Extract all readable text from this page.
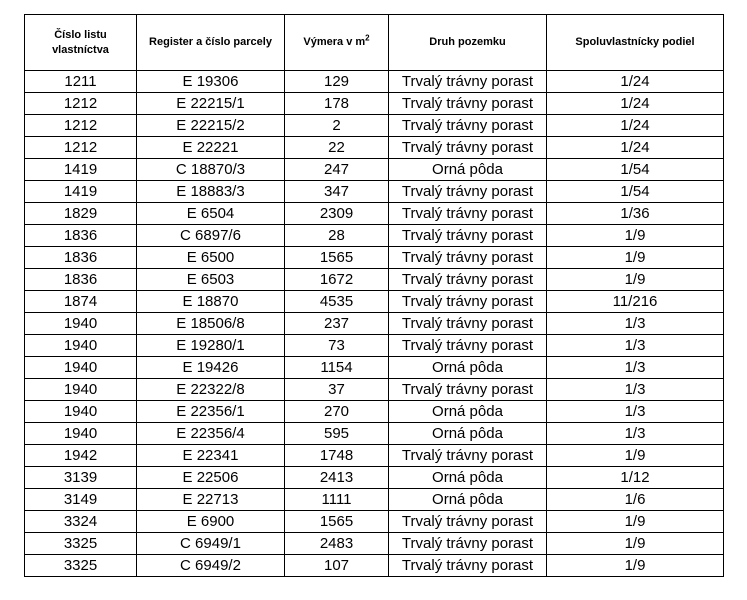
Číslo listu vlastníctva	Register a číslo parcely	Výmera v $m^2$	Druh pozemku	Spoluvlastnícky podiel
1211	E 19306	129	Trvalý trávny porast	1/24
1212	E 22215/1	178	Trvalý trávny porast	1/24
1212	E 22215/2	2	Trvalý trávny porast	1/24
1212	E 22221	22	Trvalý trávny porast	1/24
1419	C 18870/3	247	Orná pôda	1/54
1419	E 18883/3	347	Trvalý trávny porast	1/54
1829	E 6504	2309	Trvalý trávny porast	1/36
1836	C 6897/6	28	Trvalý trávny porast	1/9
1836	E 6500	1565	Trvalý trávny porast	1/9
1836	E 6503	1672	Trvalý trávny porast	1/9
1874	E 18870	4535	Trvalý trávny porast	11/216
1940	E 18506/8	237	Trvalý trávny porast	1/3
1940	E 19280/1	73	Trvalý trávny porast	1/3
1940	E 19426	1154	Orná pôda	1/3
1940	E 22322/8	37	Trvalý trávny porast	1/3
1940	E 22356/1	270	Orná pôda	1/3
1940	E 22356/4	595	Orná pôda	1/3
1942	E 22341	1748	Trvalý trávny porast	1/9
3139	E 22506	2413	Orná pôda	1/12
3149	E 22713	1111	Orná pôda	1/6
3324	E 6900	1565	Trvalý trávny porast	1/9
3325	C 6949/1	2483	Trvalý trávny porast	1/9
3325	C 6949/2	107	Trvalý trávny porast	1/9
